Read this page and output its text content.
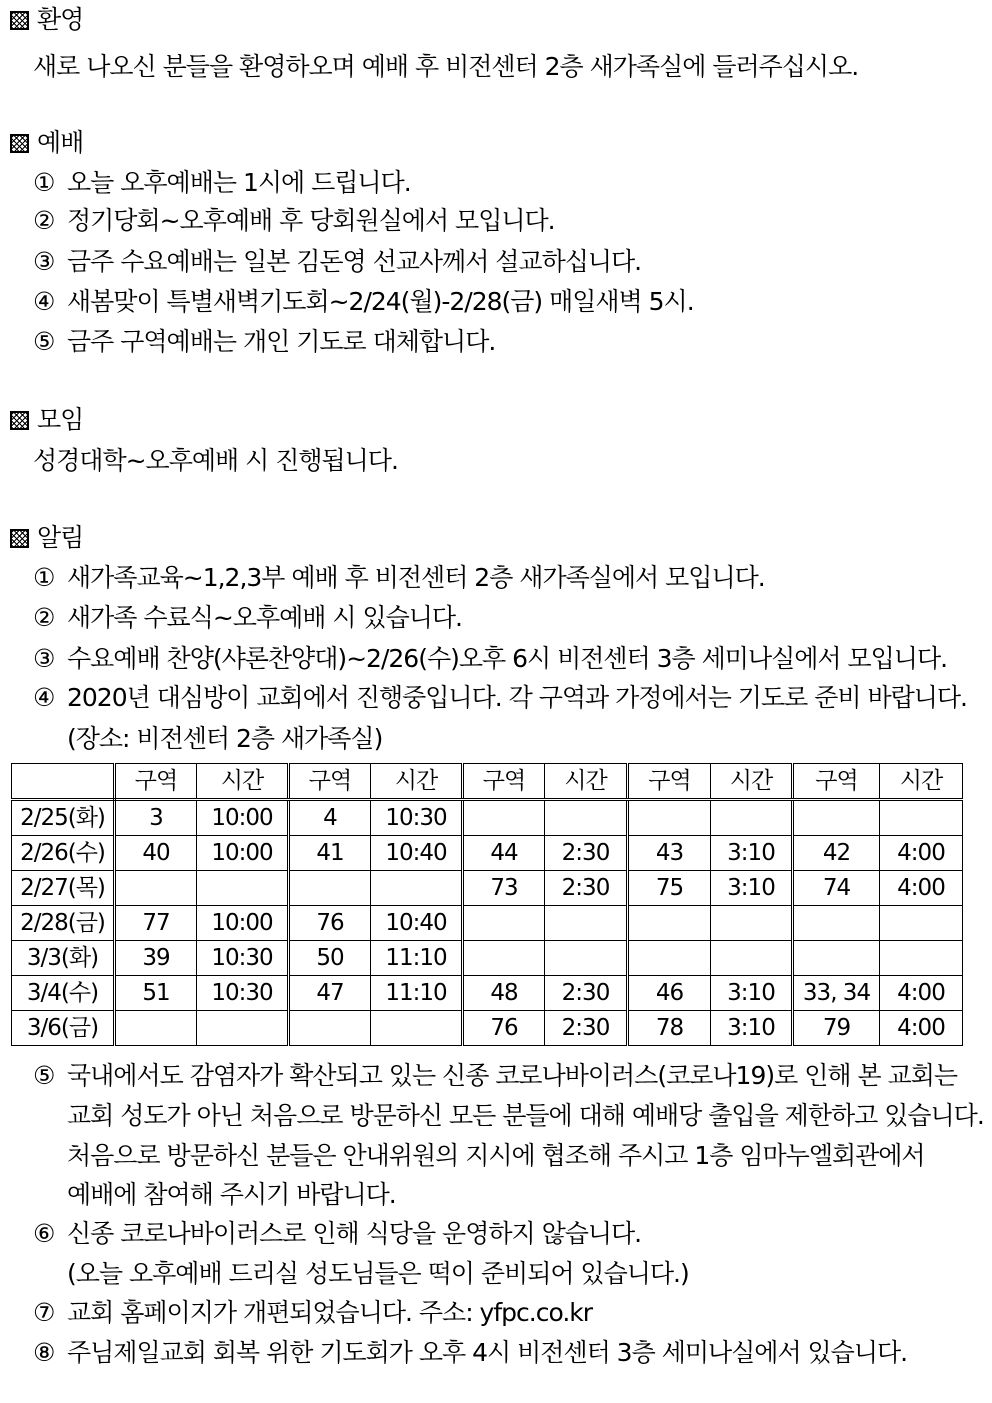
환영
새로 나오신 분들을 환영하오며 예배 후 비전센터 2층 새가족실에 들러주십시오.
예배
① 오늘 오후예배는 1시에 드립니다.
② 정기당회~오후예배 후 당회원실에서 모입니다.
③ 금주 수요예배는 일본 김돈영 선교사께서 설교하십니다.
④ 새봄맞이 특별새벽기도회~2/24(월)-2/28(금) 매일새벽 5시.
⑤ 금주 구역예배는 개인 기도로 대체합니다.
모임
성경대학~오후예배 시 진행됩니다.
알림
① 새가족교육~1,2,3부 예배 후 비전센터 2층 새가족실에서 모입니다.
② 새가족 수료식~오후예배 시 있습니다.
③ 수요예배 찬양(샤론찬양대)~2/26(수)오후 6시 비전센터 3층 세미나실에서 모입니다.
④ 2020년 대심방이 교회에서 진행중입니다. 각 구역과 가정에서는 기도로 준비 바랍니다.
(장소: 비전센터 2층 새가족실)
	구역	시간	구역	시간	구역	시간	구역	시간	구역	시간
2/25(화)	3	10:00	4	10:30						
2/26(수)	40	10:00	41	10:40	44	2:30	43	3:10	42	4:00
2/27(목)					73	2:30	75	3:10	74	4:00
2/28(금)	77	10:00	76	10:40						
3/3(화)	39	10:30	50	11:10						
3/4(수)	51	10:30	47	11:10	48	2:30	46	3:10	33, 34	4:00
3/6(금)					76	2:30	78	3:10	79	4:00
⑤ 국내에서도 감염자가 확산되고 있는 신종 코로나바이러스(코로나19)로 인해 본 교회는
교회 성도가 아닌 처음으로 방문하신 모든 분들에 대해 예배당 출입을 제한하고 있습니다.
처음으로 방문하신 분들은 안내위원의 지시에 협조해 주시고 1층 임마누엘회관에서
예배에 참여해 주시기 바랍니다.
⑥ 신종 코로나바이러스로 인해 식당을 운영하지 않습니다.
(오늘 오후예배 드리실 성도님들은 떡이 준비되어 있습니다.)
⑦ 교회 홈페이지가 개편되었습니다. 주소: yfpc.co.kr
⑧ 주님제일교회 회복 위한 기도회가 오후 4시 비전센터 3층 세미나실에서 있습니다.
